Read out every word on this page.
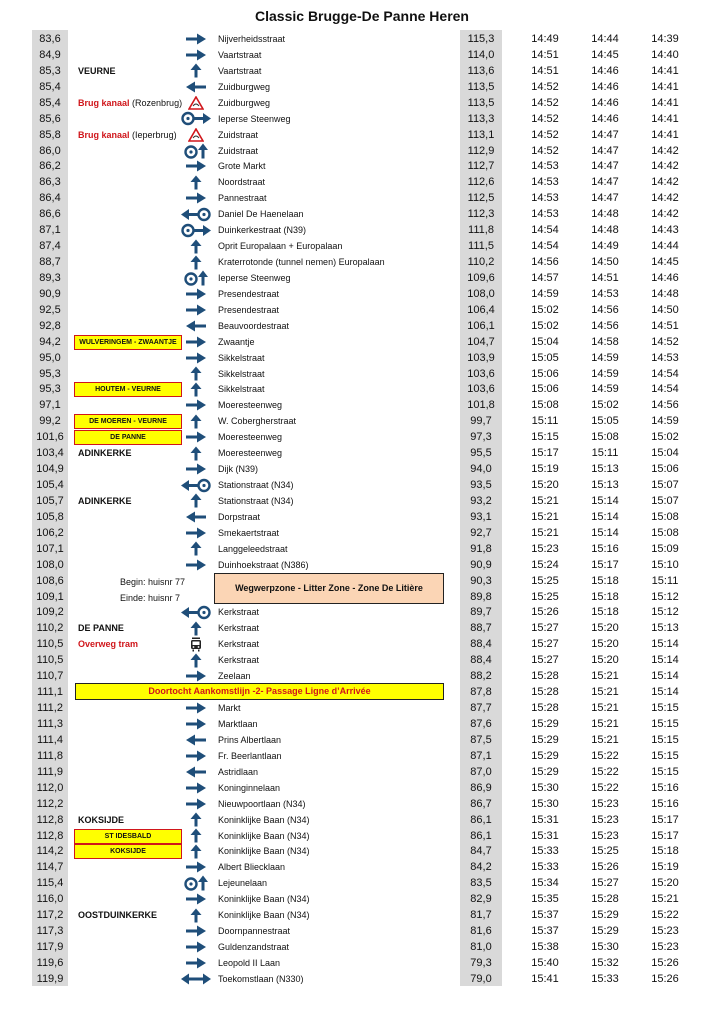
Classic Brugge-De Panne Heren
83,6	Nijverheidsstraat	115,3	14:49	14:44	14:39
84,9	Vaartstraat	114,0	14:51	14:45	14:40
85,3	VEURNE	Vaartstraat	113,6	14:51	14:46	14:41
85,4	Zuidburgweg	113,5	14:52	14:46	14:41
85,4	Brug kanaal (Rozenbrug)	Zuidburgweg	113,5	14:52	14:46	14:41
85,6	Ieperse Steenweg	113,3	14:52	14:46	14:41
85,8	Brug kanaal (Ieperbrug)	Zuidstraat	113,1	14:52	14:47	14:41
86,0	Zuidstraat	112,9	14:52	14:47	14:42
86,2	Grote Markt	112,7	14:53	14:47	14:42
86,3	Noordstraat	112,6	14:53	14:47	14:42
86,4	Pannestraat	112,5	14:53	14:47	14:42
86,6	Daniel De Haenelaan	112,3	14:53	14:48	14:42
87,1	Duinkerkestraat (N39)	111,8	14:54	14:48	14:43
87,4	Oprit Europalaan + Europalaan	111,5	14:54	14:49	14:44
88,7	Kraterrotonde (tunnel nemen) Europalaan	110,2	14:56	14:50	14:45
89,3	Ieperse Steenweg	109,6	14:57	14:51	14:46
90,9	Presendestraat	108,0	14:59	14:53	14:48
92,5	Presendestraat	106,4	15:02	14:56	14:50
92,8	Beauvoordestraat	106,1	15:02	14:56	14:51
94,2	WULVERINGEM - ZWAANTJE	Zwaantje	104,7	15:04	14:58	14:52
95,0	Sikkelstraat	103,9	15:05	14:59	14:53
95,3	Sikkelstraat	103,6	15:06	14:59	14:54
95,3	HOUTEM - VEURNE	Sikkelstraat	103,6	15:06	14:59	14:54
97,1	Moeresteenweg	101,8	15:08	15:02	14:56
99,2	DE MOEREN - VEURNE	W. Cobergherstraat	99,7	15:11	15:05	14:59
101,6	DE PANNE	Moeresteenweg	97,3	15:15	15:08	15:02
103,4	ADINKERKE	Moeresteenweg	95,5	15:17	15:11	15:04
104,9	Dijk (N39)	94,0	15:19	15:13	15:06
105,4	Stationstraat (N34)	93,5	15:20	15:13	15:07
105,7	ADINKERKE	Stationstraat (N34)	93,2	15:21	15:14	15:07
105,8	Dorpstraat	93,1	15:21	15:14	15:08
106,2	Smekaertstraat	92,7	15:21	15:14	15:08
107,1	Langgeleedstraat	91,8	15:23	15:16	15:09
108,0	Duinhoekstraat (N386)	90,9	15:24	15:17	15:10
108,6	90,3	15:25	15:18	15:11
109,1	89,8	15:25	15:18	15:12
109,2	Kerkstraat	89,7	15:26	15:18	15:12
110,2	DE PANNE	Kerkstraat	88,7	15:27	15:20	15:13
110,5	Overweg tram	Kerkstraat	88,4	15:27	15:20	15:14
110,5	Kerkstraat	88,4	15:27	15:20	15:14
110,7	Zeelaan	88,2	15:28	15:21	15:14
111,1	87,8	15:28	15:21	15:14
111,2	Markt	87,7	15:28	15:21	15:15
111,3	Marktlaan	87,6	15:29	15:21	15:15
111,4	Prins Albertlaan	87,5	15:29	15:21	15:15
111,8	Fr. Beerlantlaan	87,1	15:29	15:22	15:15
111,9	Astridlaan	87,0	15:29	15:22	15:15
112,0	Koninginnelaan	86,9	15:30	15:22	15:16
112,2	Nieuwpoortlaan (N34)	86,7	15:30	15:23	15:16
112,8	KOKSIJDE	Koninklijke Baan (N34)	86,1	15:31	15:23	15:17
112,8	ST IDESBALD	Koninklijke Baan (N34)	86,1	15:31	15:23	15:17
114,2	KOKSIJDE	Koninklijke Baan (N34)	84,7	15:33	15:25	15:18
114,7	Albert Bliecklaan	84,2	15:33	15:26	15:19
115,4	Lejeunelaan	83,5	15:34	15:27	15:20
116,0	Koninklijke Baan (N34)	82,9	15:35	15:28	15:21
117,2	OOSTDUINKERKE	Koninklijke Baan (N34)	81,7	15:37	15:29	15:22
117,3	Doornpannestraat	81,6	15:37	15:29	15:23
117,9	Guldenzandstraat	81,0	15:38	15:30	15:23
119,6	Leopold II Laan	79,3	15:40	15:32	15:26
119,9	Toekomstlaan (N330)	79,0	15:41	15:33	15:26
Begin: huisnr 77
Einde: huisnr 7
Wegwerpzone - Litter Zone - Zone De Litière
Doortocht Aankomstlijn -2- Passage Ligne d’Arrivée
